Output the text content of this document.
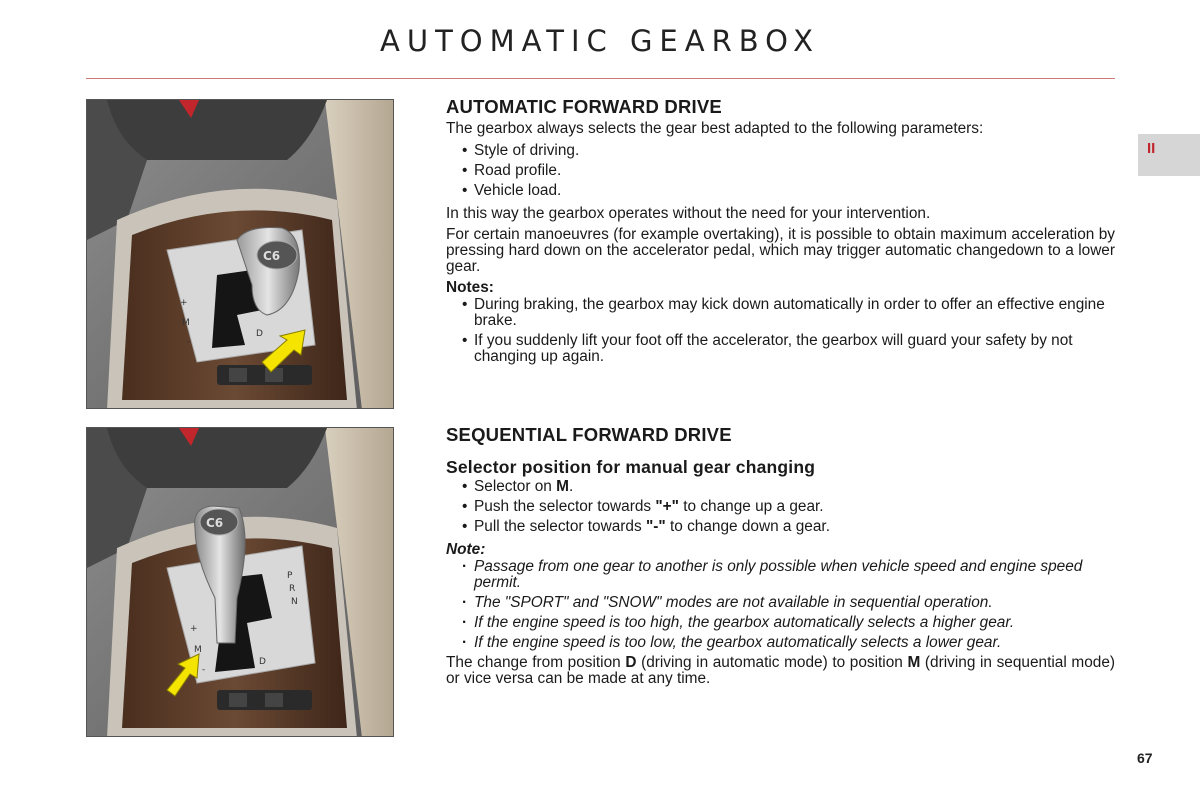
AUTOMATIC GEARBOX
II
+
M
-
D
C6
P
R
N
D
+
M
-
C6
AUTOMATIC FORWARD DRIVE
The gearbox always selects the gear best adapted to the following parameters:
• Style of driving.
• Road profile.
• Vehicle load.
In this way the gearbox operates without the need for your intervention.
For certain manoeuvres (for example overtaking), it is possible to obtain maximum acceleration by pressing hard down on the accelerator pedal, which may trigger automatic changedown to a lower gear.
Notes:
• During braking, the gearbox may kick down automatically in order to offer an effective engine brake.
• If you suddenly lift your foot off the accelerator, the gearbox will guard your safety by not changing up again.
SEQUENTIAL FORWARD DRIVE
Selector position for manual gear changing
• Selector on M.
• Push the selector towards "+" to change up a gear.
• Pull the selector towards "-" to change down a gear.
Note:
· Passage from one gear to another is only possible when vehicle speed and engine speed permit.
· The "SPORT" and "SNOW" modes are not available in sequential operation.
· If the engine speed is too high, the gearbox automatically selects a higher gear.
· If the engine speed is too low, the gearbox automatically selects a lower gear.
The change from position D (driving in automatic mode) to position M (driving in sequential mode) or vice versa can be made at any time.
67
